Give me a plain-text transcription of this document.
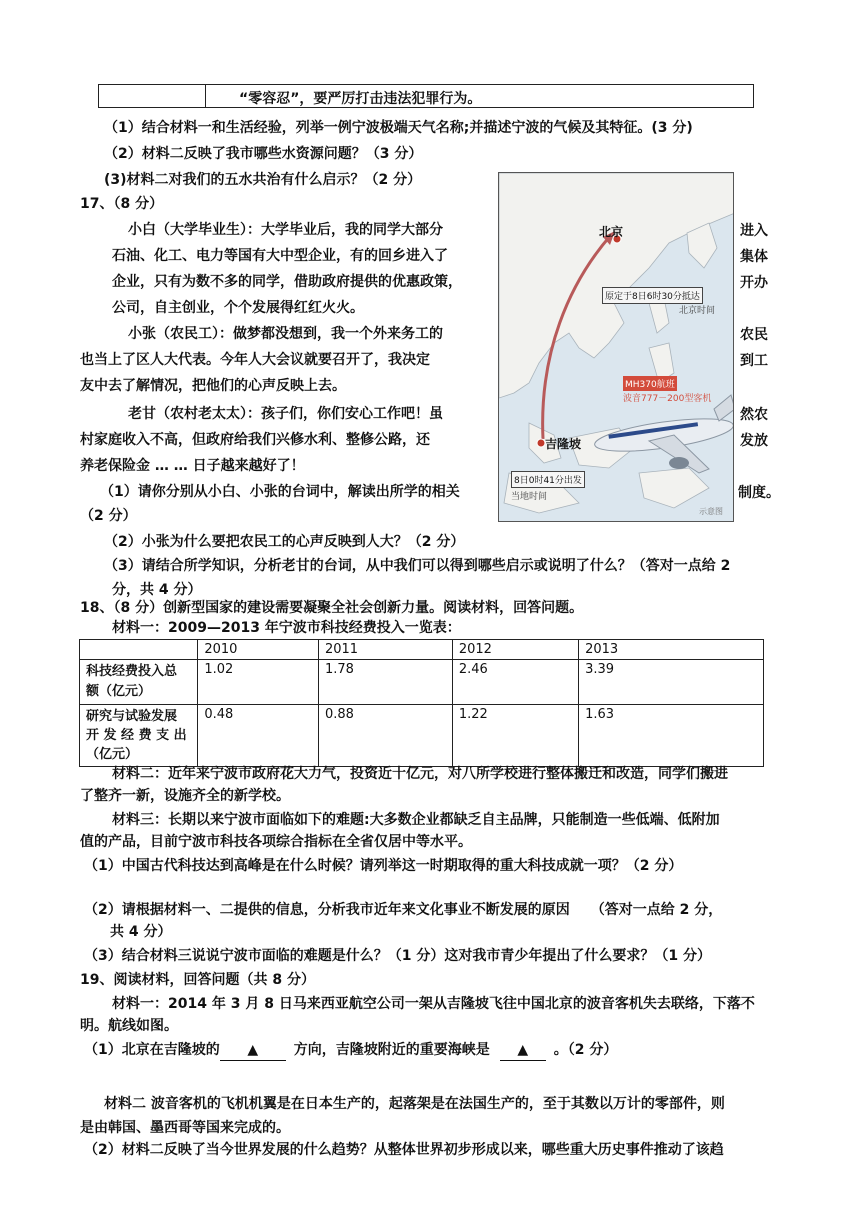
“零容忍”，要严厉打击违法犯罪行为。
（1）结合材料一和生活经验，列举一例宁波极端天气名称;并描述宁波的气候及其特征。(3 分)
（2）材料二反映了我市哪些水资源问题？（3 分）
(3)材料二对我们的五水共治有什么启示？（2 分）
17、（8 分）
小白（大学毕业生）：大学毕业后，我的同学大部分
石油、化工、电力等国有大中型企业，有的回乡进入了
企业，只有为数不多的同学，借助政府提供的优惠政策，
公司，自主创业，个个发展得红红火火。
进入
集体
开办
小张（农民工）：做梦都没想到，我一个外来务工的
也当上了区人大代表。今年人大会议就要召开了，我决定
友中去了解情况，把他们的心声反映上去。
农民
到工
老甘（农村老太太）：孩子们，你们安心工作吧！虽
村家庭收入不高，但政府给我们兴修水利、整修公路，还
养老保险金 … … 日子越来越好了！
然农
发放
（1）请你分别从小白、小张的台词中，解读出所学的相关	制度。
（2 分）
（2）小张为什么要把农民工的心声反映到人大？（2 分）
（3）请结合所学知识，分析老甘的台词，从中我们可以得到哪些启示或说明了什么？（答对一点给 2
分，共 4 分）
北京
原定于8日6时30分抵达
北京时间
MH370航班
波音777－200型客机
吉隆坡
8日0时41分出发
当地时间
示意图
18、（8 分）创新型国家的建设需要凝聚全社会创新力量。阅读材料，回答问题。
材料一：2009—2013 年宁波市科技经费投入一览表：
	2010	2011	2012	2013

科技经费投入总
额（亿元）	1.02	1.78	2.46	3.39

研究与试验发展
开 发 经 费 支 出
（亿元）	0.48	0.88	1.22	1.63
材料二：近年来宁波市政府花大力气，投资近十亿元，对八所学校进行整体搬迁和改造，同学们搬进
了整齐一新，设施齐全的新学校。
材料三：长期以来宁波市面临如下的难题:大多数企业都缺乏自主品牌，只能制造一些低端、低附加
值的产品，目前宁波市科技各项综合指标在全省仅居中等水平。
（1）中国古代科技达到高峰是在什么时候？请列举这一时期取得的重大科技成就一项？（2 分）
（2）请根据材料一、二提供的信息，分析我市近年来文化事业不断发展的原因　　（答对一点给 2 分，
共 4 分）
（3）结合材料三说说宁波市面临的难题是什么？（1 分）这对我市青少年提出了什么要求？（1 分）
19、阅读材料，回答问题（共 8 分）
材料一：2014 年 3 月 8 日马来西亚航空公司一架从吉隆坡飞往中国北京的波音客机失去联络，下落不
明。航线如图。
（1）北京在吉隆坡的 ▲	方向，吉隆坡附近的重要海峡是 ▲ 。（2 分）
材料二 波音客机的飞机机翼是在日本生产的，起落架是在法国生产的，至于其数以万计的零部件，则
是由韩国、墨西哥等国来完成的。
（2）材料二反映了当今世界发展的什么趋势？从整体世界初步形成以来，哪些重大历史事件推动了该趋
